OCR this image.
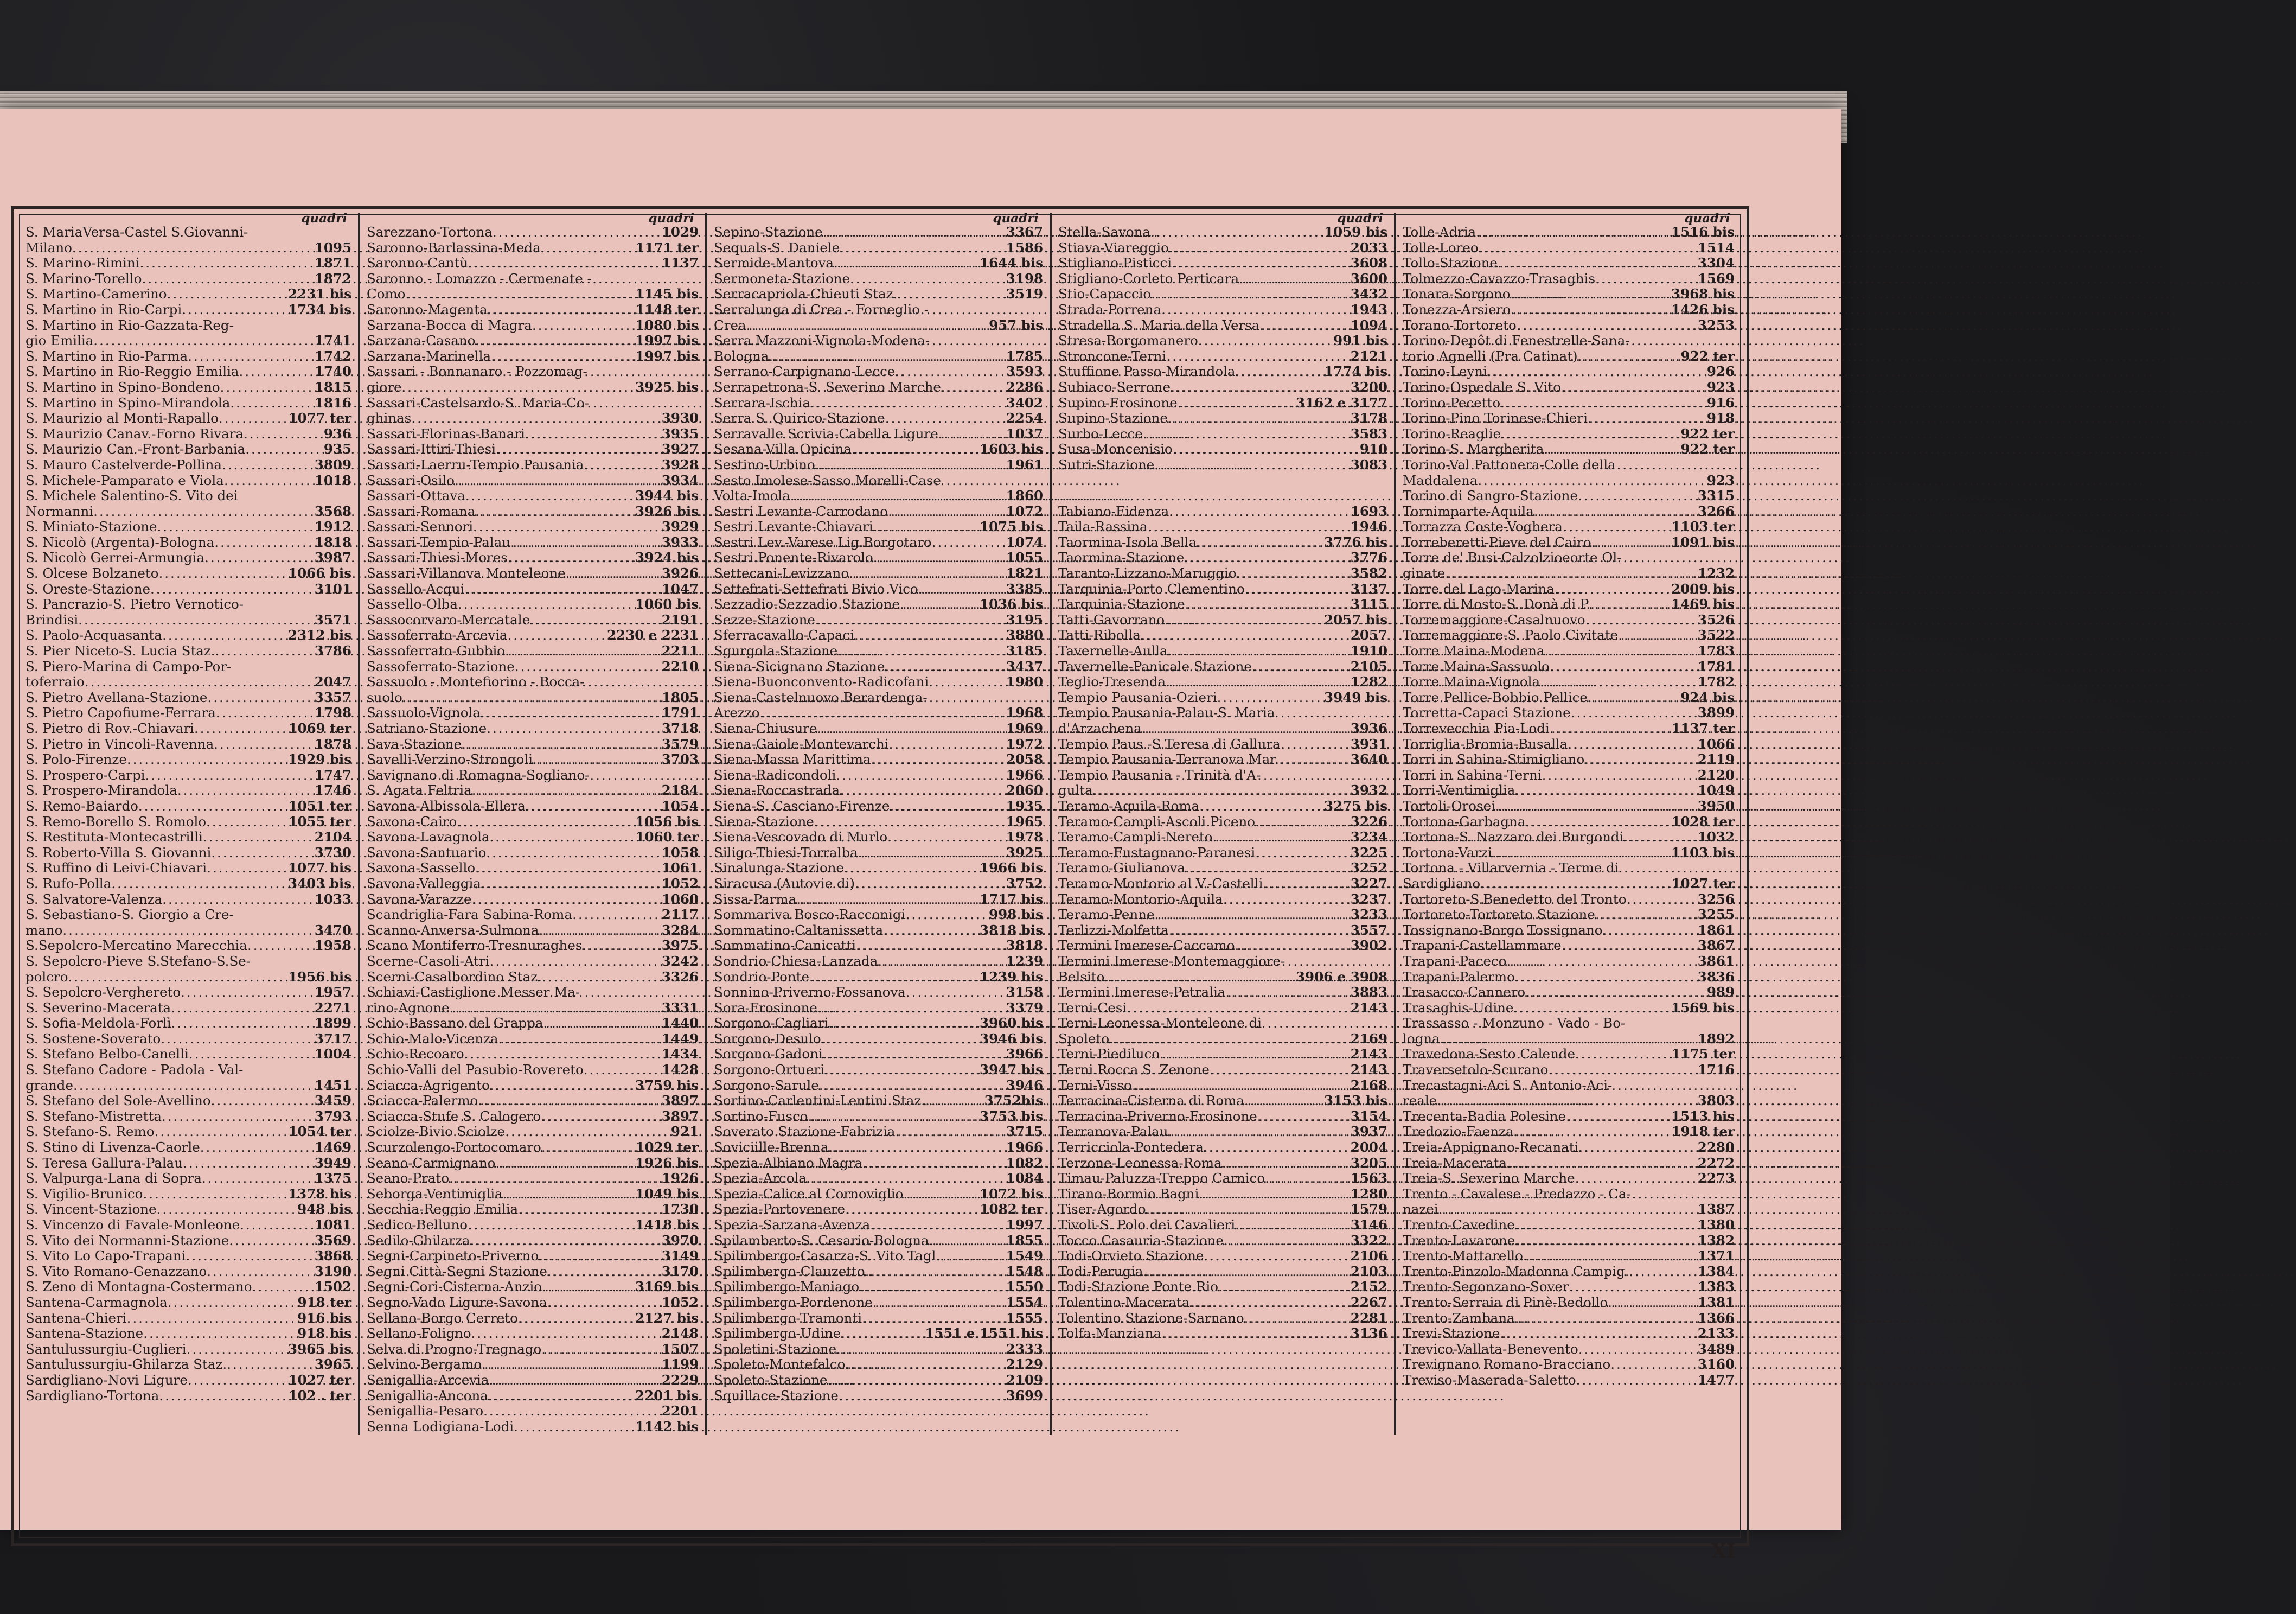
quadri
S. MariaVersa-Castel S.Giovanni-
Milano .....	1095
S. Marino-Rimini .....	1871
S. Marino-Torello .....	1872
S. Martino-Camerino .....	2231 bis
S. Martino in Rio-Carpi .....	1734 bis
S. Martino in Rio-Gazzata-Reg-
gio Emilia .....	1741
S. Martino in Rio-Parma .....	1742
S. Martino in Rio-Reggio Emilia .....	1740
S. Martino in Spino-Bondeno .....	1815
S. Martino in Spino-Mirandola .....	1816
S. Maurizio al Monti-Rapallo .....	1077 ter
S. Maurizio Canav.-Forno Rivara .....	936
S. Maurizio Can.-Front-Barbania .....	935
S. Mauro Castelverde-Pollina .....	3809
S. Michele-Pamparato e Viola .....	1018
S. Michele Salentino-S. Vito dei
Normanni .....	3568
S. Miniato-Stazione .....	1912
S. Nicolò (Argenta)-Bologna .....	1818
S. Nicolò Gerrei-Armungia .....	3987
S. Olcese Bolzaneto .....	1066 bis
S. Oreste-Stazione .....	3101
S. Pancrazio-S. Pietro Vernotico-
Brindisi .....	3571
S. Paolo-Acquasanta .....	2312 bis
S. Pier Niceto-S. Lucia Staz. .....	3786
S. Piero-Marina di Campo-Por-
toferraio .....	2047
S. Pietro Avellana-Stazione .....	3357
S. Pietro Capofiume-Ferrara .....	1798
S. Pietro di Rov.-Chiavari .....	1069 ter
S. Pietro in Vincoli-Ravenna .....	1878
S. Polo-Firenze .....	1929 bis
S. Prospero-Carpi .....	1747
S. Prospero-Mirandola .....	1746
S. Remo-Baiardo .....	1051 ter
S. Remo-Borello S. Romolo .....	1055 ter
S. Restituta-Montecastrilli .....	2104
S. Roberto-Villa S. Giovanni .....	3730
S. Ruffino di Leivi-Chiavari .....	1077 bis
S. Rufo-Polla .....	3403 bis
S. Salvatore-Valenza .....	1033
S. Sebastiano-S. Giorgio a Cre-
mano .....	3470
S.Sepolcro-Mercatino Marecchia .....	1958
S. Sepolcro-Pieve S.Stefano-S.Se-
polcro .....	1956 bis
S. Sepolcro-Verghereto .....	1957
S. Severino-Macerata .....	2271
S. Sofia-Meldola-Forlì .....	1899
S. Sostene-Soverato .....	3717
S. Stefano Belbo-Canelli .....	1004
S. Stefano Cadore - Padola - Val-
grande .....	1451
S. Stefano del Sole-Avellino .....	3459
S. Stefano-Mistretta .....	3793
S. Stefano-S. Remo .....	1054 ter
S. Stino di Livenza-Caorle .....	1469
S. Teresa Gallura-Palau .....	3949
S. Valpurga-Lana di Sopra .....	1375
S. Vigilio-Brunico .....	1378 bis
S. Vincent-Stazione .....	948 bis
S. Vincenzo di Favale-Monleone .....	1081
S. Vito dei Normanni-Stazione .....	3569
S. Vito Lo Capo-Trapani .....	3868
S. Vito Romano-Genazzano .....	3190
S. Zeno di Montagna-Costermano .....	1502
Santena-Carmagnola .....	918 ter
Santena-Chieri .....	916 bis
Santena-Stazione .....	918 bis
Santulussurgiu-Cuglieri .....	3965 bis
Santulussurgiu-Ghilarza Staz. .....	3965
Sardigliano-Novi Ligure .....	1027 ter
Sardigliano-Tortona .....	102 . ter
quadri
Sarezzano-Tortona .....	1029
Saronno-Barlassina-Meda .....	1171 ter
Saronno-Cantù .....	1137
Saronno - Lomazzo - Cermenate -
Como .....	1145 bis
Saronno-Magenta .....	1148 ter
Sarzana-Bocca di Magra .....	1080 bis
Sarzana-Casano .....	1997 bis
Sarzana-Marinella .....	1997 bis
Sassari - Bonnanaro - Pozzomag-
giore .....	3925 bis
Sassari-Castelsardo-S. Maria-Co-
ghinas .....	3930
Sassari-Florinas-Banari .....	3935
Sassari-Ittiri-Thiesi .....	3927
Sassari-Laerru-Tempio Pausania .....	3928
Sassari-Osilo .....	3934
Sassari-Ottava .....	3944 bis
Sassari-Romana .....	3926 bis
Sassari-Sennori .....	3929
Sassari-Tempio-Palau .....	3933
Sassari-Thiesi-Mores .....	3924 bis
Sassari-Villanova Monteleone .....	3926
Sassello-Acqui .....	1047
Sassello-Olba .....	1060 bis
Sassocorvaro-Mercatale .....	2191
Sassoferrato-Arcevia .....	2230 e 2231
Sassoferrato-Gubbio .....	2211
Sassoferrato-Stazione .....	2210
Sassuolo - Montefiorino - Bocca-
suolo .....	1805
Sassuolo-Vignola .....	1791
Satriano-Stazione .....	3718
Sava-Stazione .....	3579
Savelli-Verzino-Strongoli .....	3703
Savignano di Romagna-Sogliano-
S. Agata Feltria .....	2184
Savona-Albissola-Ellera .....	1054
Savona-Cairo .....	1056 bis
Savona-Lavagnola .....	1060 ter
Savona-Santuario .....	1058
Savona-Sassello .....	1061
Savona-Valleggia .....	1052
Savona-Varazze .....	1060
Scandriglia-Fara Sabina-Roma .....	2117
Scanno-Anversa-Sulmona .....	3284
Scano Montiferro-Tresnuraghes .....	3975
Scerne-Casoli-Atri .....	3242
Scerni-Casalbordino Staz. .....	3326
Schiavi-Castiglione Messer Ma-
rino-Agnone .....	3331
Schio-Bassano del Grappa .....	1440
Schio-Malo-Vicenza .....	1449
Schio-Recoaro .....	1434
Schio-Valli del Pasubio-Rovereto .....	1428
Sciacca-Agrigento .....	3759 bis
Sciacca-Palermo .....	3897
Sciacca-Stufe S. Calogero .....	3897
Sciolze-Bivio Sciolze .....	921
Scurzolengo-Portocomaro .....	1029 ter
Seano-Carmignano .....	1926 bis
Seano-Prato .....	1926
Seborga-Ventimiglia .....	1049 bis
Secchia-Reggio Emilia .....	1730
Sedico-Belluno .....	1418 bis
Sedilo-Ghilarza .....	3970
Segni-Carpineto-Priverno .....	3149
Segni Città-Segni Stazione .....	3170
Segni-Cori-Cisterna-Anzio .....	3169 bis
Segno-Vado Ligure-Savona .....	1052
Sellano-Borgo Cerreto .....	2127 bis
Sellano-Foligno .....	2148
Selva di Progno-Tregnago .....	1507
Selvino-Bergamo .....	1199
Senigallia-Arcevia .....	2229
Senigallia-Ancona .....	2201 bis
Senigallia-Pesaro .....	2201
Senna Lodigiana-Lodi .....	1142 bis
quadri
Sepino-Stazione .....	3367
Sequals-S. Daniele .....	1586
Sermide-Mantova .....	1644 bis
Sermoneta-Stazione .....	3198
Serracapriola-Chieuti Staz. .....	3519
Serralunga di Crea - Forneglio -
Crea .....	957 bis
Serra Mazzoni-Vignola-Modena-
Bologna .....	1785
Serrano-Carpignano-Lecce .....	3593
Serrapetrona-S. Severino Marche .....	2286
Serrara-Ischia .....	3402
Serra S. Quirico-Stazione .....	2254
Serravalle Scrivia-Cabella Ligure .....	1037
Sesana-Villa Opicina .....	1603 bis
Sestino-Urbino .....	1961
Sesto Imolese-Sasso Morelli-Case
Volta-Imola .....	1860
Sestri Levante-Carrodano .....	1072
Sestri Levante-Chiavari .....	1075 bis
Sestri Lev.-Varese Lig.Borgotaro .....	1074
Sestri Ponente-Rivarolo .....	1055
Settecani-Levizzano .....	1821
Settefrati-Settefrati Bivio Vico .....	3385
Sezzadio-Sezzadio Stazione .....	1036 bis
Sezze-Stazione .....	3195
Sferracavallo-Capaci .....	3880
Sgurgola-Stazione .....	3185
Siena-Sicignano Stazione .....	3437
Siena-Buonconvento-Radicofani .....	1980
Siena-Castelnuovo Berardenga-
Arezzo .....	1968
Siena-Chiusure .....	1969
Siena-Gaiole-Montevarchi .....	1972
Siena-Massa Marittima .....	2058
Siena-Radicondoli .....	1966
Siena-Roccastrada .....	2060
Siena-S. Casciano-Firenze .....	1935
Siena-Stazione .....	1965
Siena-Vescovado di Murlo .....	1978
Siligo-Thiesi-Torralba .....	3925
Sinalunga-Stazione .....	1966 bis
Siracusa (Autovie di) .....	3752
Sissa-Parma .....	1717 bis
Sommariva Bosco-Racconigi .....	998 bis
Sommatino-Caltanissetta .....	3818 bis
Sommatino-Canicatti .....	3818
Sondrio-Chiesa-Lanzada .....	1239
Sondrio-Ponte .....	1239 bis
Sonnino-Priverno-Fossanova .....	3158
Sora-Frosinone .....	3379
Sorgono-Cagliari .....	3960 bis
Sorgono-Desulo .....	3946 bis
Sorgono-Gadoni .....	3966
Sorgono-Ortueri .....	3947 bis
Sorgono-Sarule .....	3946
Sortino-Carlentini-Lentini Staz. .....	3752bis
Sortino-Fusco .....	3753 bis
Soverato Stazione-Fabrizia .....	3715
Soviciille-Brenna .....	1966
Spezia-Albiano Magra .....	1082
Spezia-Arcola .....	1084
Spezia-Calice al Cornoviglio .....	1072 bis
Spezia-Portovenere .....	1082 ter
Spezia-Sarzana-Avenza .....	1997
Spilamberto-S. Cesario-Bologna .....	1855
Spilimbergo-Casarza-S. Vito Tagl. .....	1549
Spilimbergo-Clauzetto .....	1548
Spilimbergo-Maniago .....	1550
Spilimbergo-Pordenone .....	1554
Spilimbergo-Tramonti .....	1555
Spilimbergo-Udine .....	1551 e 1551 bis
Spoletini-Stazione .....	2333
Spoleto-Montefalco .....	2129
Spoleto-Stazione .....	2109
Squillace-Stazione .....	3699
quadri
Stella-Savona .....	1059 bis
Stiava-Viareggio .....	2033
Stigliano-Pisticci .....	3608
Stigliano-Corleto Perticara .....	3600
Stio-Capaccio .....	3432
Strada-Porrena .....	1943
Stradella S. Maria della Versa .....	1094
Stresa-Borgomanero .....	991 bis
Stroncone-Terni .....	2121
Stuffione Passo-Mirandola .....	1774 bis
Subiaco-Serrone .....	3200
Supino-Frosinone .....	3162 e 3177
Supino-Stazione .....	3178
Surbo-Lecce .....	3583
Susa-Moncenisio .....	910
Sutri-Stazione .....	3083
Tabiano-Fidenza .....	1693
Taila-Rassina .....	1946
Taormina-Isola Bella .....	3776 bis
Taormina-Stazione .....	3776
Taranto-Lizzano-Maruggio .....	3582
Tarquinia-Porto Clementino .....	3137
Tarquinia-Stazione .....	3115
Tatti-Gavorrano .....	2057 bis
Tatti-Ribolla .....	2057
Tavernelle-Aulla .....	1910
Tavernelle-Panicale Stazione .....	2105
Teglio-Tresenda .....	1282
Tempio Pausania-Ozieri .....	3949 bis
Tempio Pausania-Palau-S. Maria
d'Arzachena .....	3936
Tempio Paus.-S.Teresa di Gallura .....	3931
Tempio Pausania-Terranova Mar. .....	3640
Tempio Pausania - Trinità d'A-
gulta .....	3932
Teramo-Aquila-Roma .....	3275 bis
Teramo-Campli-Ascoli Piceno .....	3226
Teramo-Campli-Nereto .....	3234
Teramo-Fustagnano-Paranesi .....	3225
Teramo-Giulianova .....	3252
Teramo-Montorio al V.-Castelli .....	3227
Teramo-Montorio-Aquila .....	3237
Teramo-Penne .....	3233
Terlizzi-Molfetta .....	3557
Termini Imerese-Caccamo .....	3902
Termini Imerese-Montemaggiore-
Belsito .....	3906 e 3908
Termini Imerese-Petralia .....	3883
Terni-Cesi .....	2143
Terni-Leonessa-Monteleone di
Spoleto .....	2169
Terni-Piediluco .....	2143
Terni Rocca S. Zenone .....	2143
Terni-Visso .....	2168
Terracina-Cisterna di Roma .....	3153 bis
Terracina-Priverno-Frosinone .....	3154
Terranova-Palau .....	3937
Terricciola-Pontedera .....	2004
Terzone-Leonessa-Roma .....	3205
Timau-Paluzza-Treppo Carnico .....	1563
Tirano-Bormio Bagni .....	1280
Tiser-Agordo .....	1579
Tivoli-S. Polo dei Cavalieri .....	3146
Tocco Casauria-Stazione .....	3322
Todi-Orvieto Stazione .....	2106
Todi-Perugia .....	2103
Todi-Stazione Ponte Rio .....	2152
Tolentino-Macerata .....	2267
Tolentino Stazione-Sarnano .....	2281
Tolfa-Manziana .....	3136
quadri
Tolle-Adria .....	1516 bis
Tolle-Loreo .....	1514
Tollo-Stazione .....	3304
Tolmezzo-Cavazzo-Trasaghis .....	1569
Tonara-Sorgono .....	3968 bis
Tonezza-Arsiero .....	1426 bis
Torano-Tortoreto .....	3253
Torino-Depôt di Fenestrelle-Sana-
torio Agnelli (Pra Catinat) .....	922 ter
Torino-Leyni .....	926
Torino-Ospedale S. Vito .....	923
Torino-Pecetto .....	916
Torino-Pino Torinese-Chieri .....	918
Torino-Reaglie .....	922 ter
Torino-S. Margherita .....	922 ter
Torino-Val Pattonera-Colle della
Maddalena .....	923
Torino di Sangro-Stazione .....	3315
Tornimparte-Aquila .....	3266
Torrazza Coste-Voghera .....	1103 ter
Torreberetti-Pieve del Cairo .....	1091 bis
Torre de' Busi-Calzolzioeorte Ol-
ginate .....	1232
Torre del Lago-Marina .....	2009 bis
Torre di Mosto-S. Donà di P. .....	1469 bis
Torremaggiore-Casalnuovo .....	3526
Torremaggiore-S. Paolo Civitate .....	3522
Torre Maina-Modena .....	1783
Torre Maina-Sassuolo .....	1781
Torre Maina-Vignola .....	1782
Torre Pellice-Bobbio Pellice .....	924 bis
Torretta-Capaci Stazione .....	3899
Torrevecchia Pia-Lodi .....	1137 ter
Torriglia-Bromia-Busalla .....	1066
Torri in Sabina-Stimigliano .....	2119
Torri in Sabina-Terni .....	2120
Torri-Ventimiglia .....	1049
Tortoli-Orosei .....	3950
Tortona-Garbagna .....	1028 ter
Tortona-S. Nazzaro dei Burgondi .....	1032
Tortona-Varzi .....	1103 bis
Tortona - Villarvernia - Terme di
Sardigliano .....	1027 ter
Tortoreto-S.Benedetto del Tronto .....	3256
Tortoreto-Tortoreto Stazione .....	3255
Tossignano-Borgo Tossignano .....	1861
Trapani-Castellammare .....	3867
Trapani-Paceco .....	3861
Trapani-Palermo .....	3836
Trasacco-Cannero .....	989
Trasaghis-Udine .....	1569 bis
Trassasso - Monzuno - Vado - Bo-
logna .....	1892
Travedona-Sesto Calende .....	1175 ter
Traversetolo-Scurano .....	1716
Trecastagni-Aci S. Antonio-Aci-
reale .....	3803
Trecenta-Badia Polesine .....	1513 bis
Tredozio-Faenza .....	1918 ter
Treia-Appignano-Recanati .....	2280
Treia-Macerata .....	2272
Treia-S. Severino Marche .....	2273
Trento - Cavalese - Predazzo - Ca-
nazei .....	1387
Trento-Cavedine .....	1380
Trento-Lavarone .....	1382
Trento-Mattarello .....	1371
Trento-Pinzolo-Madonna Campig. .....	1384
Trento-Segonzano-Sover .....	1383
Trento-Serraia di Pinè-Bedollo .....	1381
Trento-Zambana .....	1366
Trevi-Stazione .....	2133
Trevico-Vallata-Benevento .....	3489
Trevignano Romano-Bracciano .....	3160
Treviso-Maserada-Saletto .....	1477
XI
